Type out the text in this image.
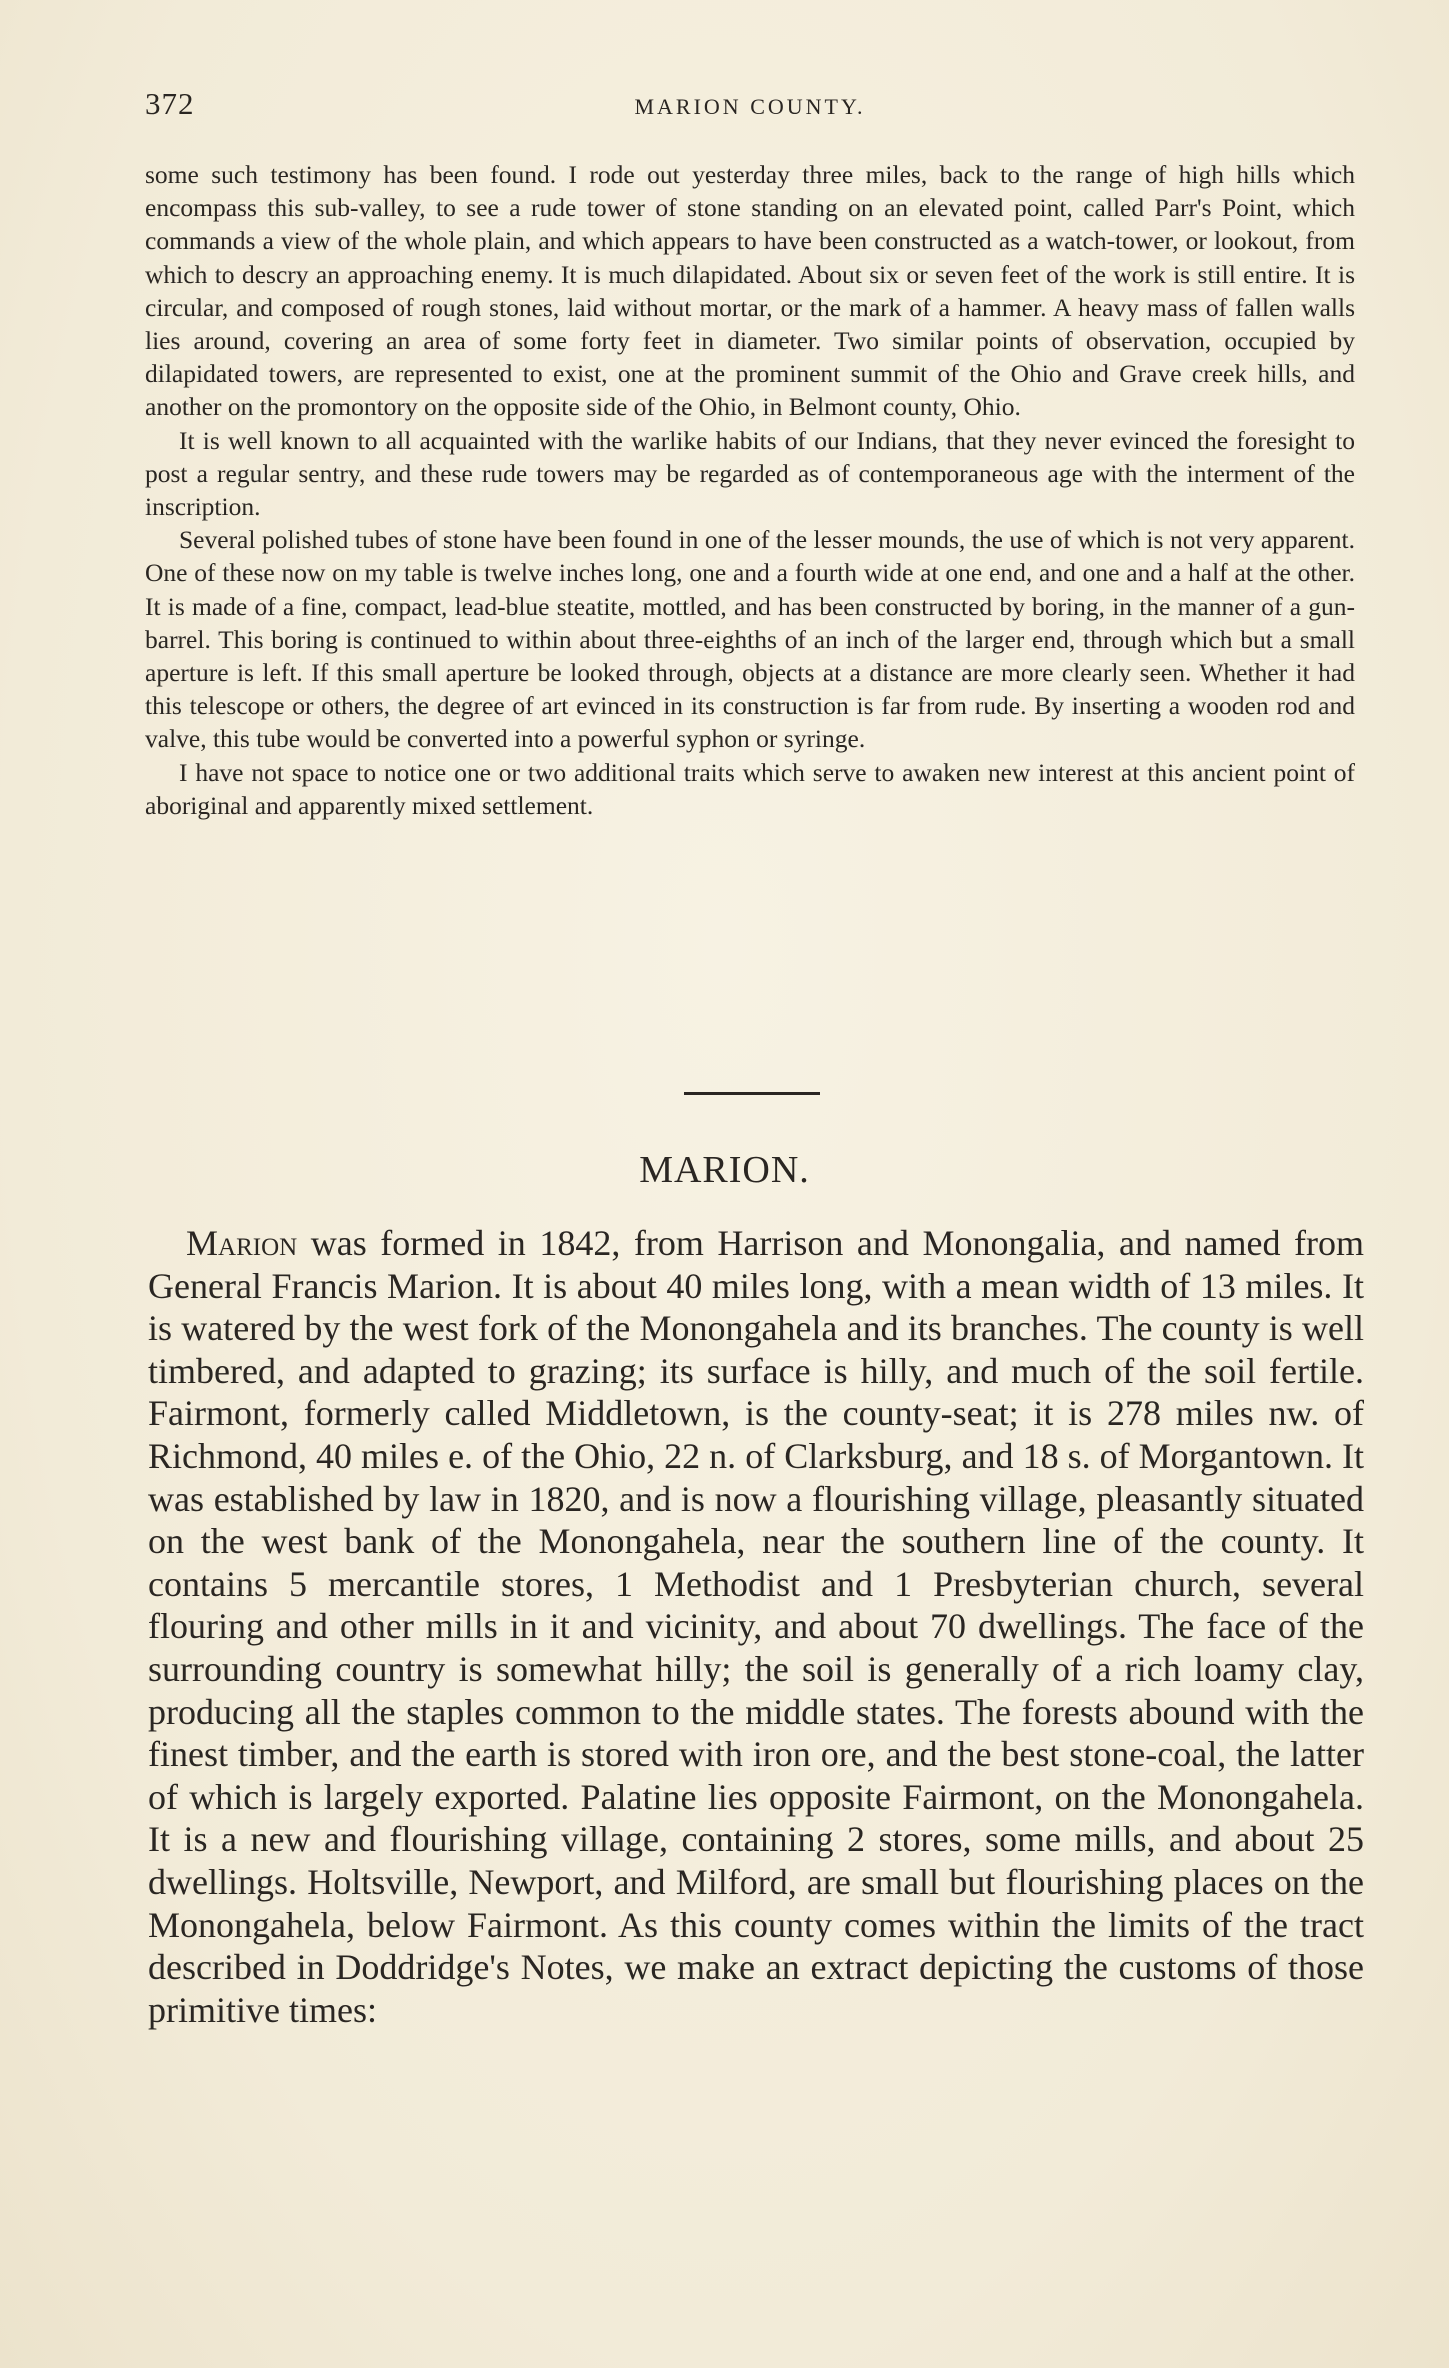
372	MARION COUNTY.

some such testimony has been found. I rode out yesterday three miles, back to the range of high hills which encompass this sub-valley, to see a rude tower of stone standing on an elevated point, called Parr's Point, which commands a view of the whole plain, and which appears to have been constructed as a watch-tower, or lookout, from which to descry an approaching enemy. It is much dilapidated. About six or seven feet of the work is still entire. It is circular, and composed of rough stones, laid without mortar, or the mark of a hammer. A heavy mass of fallen walls lies around, covering an area of some forty feet in diameter. Two similar points of observation, occupied by dilapidated towers, are represented to exist, one at the prominent summit of the Ohio and Grave creek hills, and another on the promontory on the opposite side of the Ohio, in Belmont county, Ohio.

It is well known to all acquainted with the warlike habits of our Indians, that they never evinced the foresight to post a regular sentry, and these rude towers may be regarded as of contemporaneous age with the interment of the inscription.

Several polished tubes of stone have been found in one of the lesser mounds, the use of which is not very apparent. One of these now on my table is twelve inches long, one and a fourth wide at one end, and one and a half at the other. It is made of a fine, compact, lead-blue steatite, mottled, and has been constructed by boring, in the manner of a gun-barrel. This boring is continued to within about three-eighths of an inch of the larger end, through which but a small aperture is left. If this small aperture be looked through, objects at a distance are more clearly seen. Whether it had this telescope or others, the degree of art evinced in its construction is far from rude. By inserting a wooden rod and valve, this tube would be converted into a powerful syphon or syringe.

I have not space to notice one or two additional traits which serve to awaken new interest at this ancient point of aboriginal and apparently mixed settlement.

MARION.

Marion was formed in 1842, from Harrison and Monongalia, and named from General Francis Marion. It is about 40 miles long, with a mean width of 13 miles. It is watered by the west fork of the Monongahela and its branches. The county is well timbered, and adapted to grazing; its surface is hilly, and much of the soil fertile. Fairmont, formerly called Middletown, is the county-seat; it is 278 miles nw. of Richmond, 40 miles e. of the Ohio, 22 n. of Clarksburg, and 18 s. of Morgantown. It was established by law in 1820, and is now a flourishing village, pleasantly situated on the west bank of the Monongahela, near the southern line of the county. It contains 5 mercantile stores, 1 Methodist and 1 Presbyterian church, several flouring and other mills in it and vicinity, and about 70 dwellings. The face of the surrounding country is somewhat hilly; the soil is generally of a rich loamy clay, producing all the staples common to the middle states. The forests abound with the finest timber, and the earth is stored with iron ore, and the best stone-coal, the latter of which is largely exported. Palatine lies opposite Fairmont, on the Monongahela. It is a new and flourishing village, containing 2 stores, some mills, and about 25 dwellings. Holtsville, Newport, and Milford, are small but flourishing places on the Monongahela, below Fairmont. As this county comes within the limits of the tract described in Doddridge's Notes, we make an extract depicting the customs of those primitive times:
